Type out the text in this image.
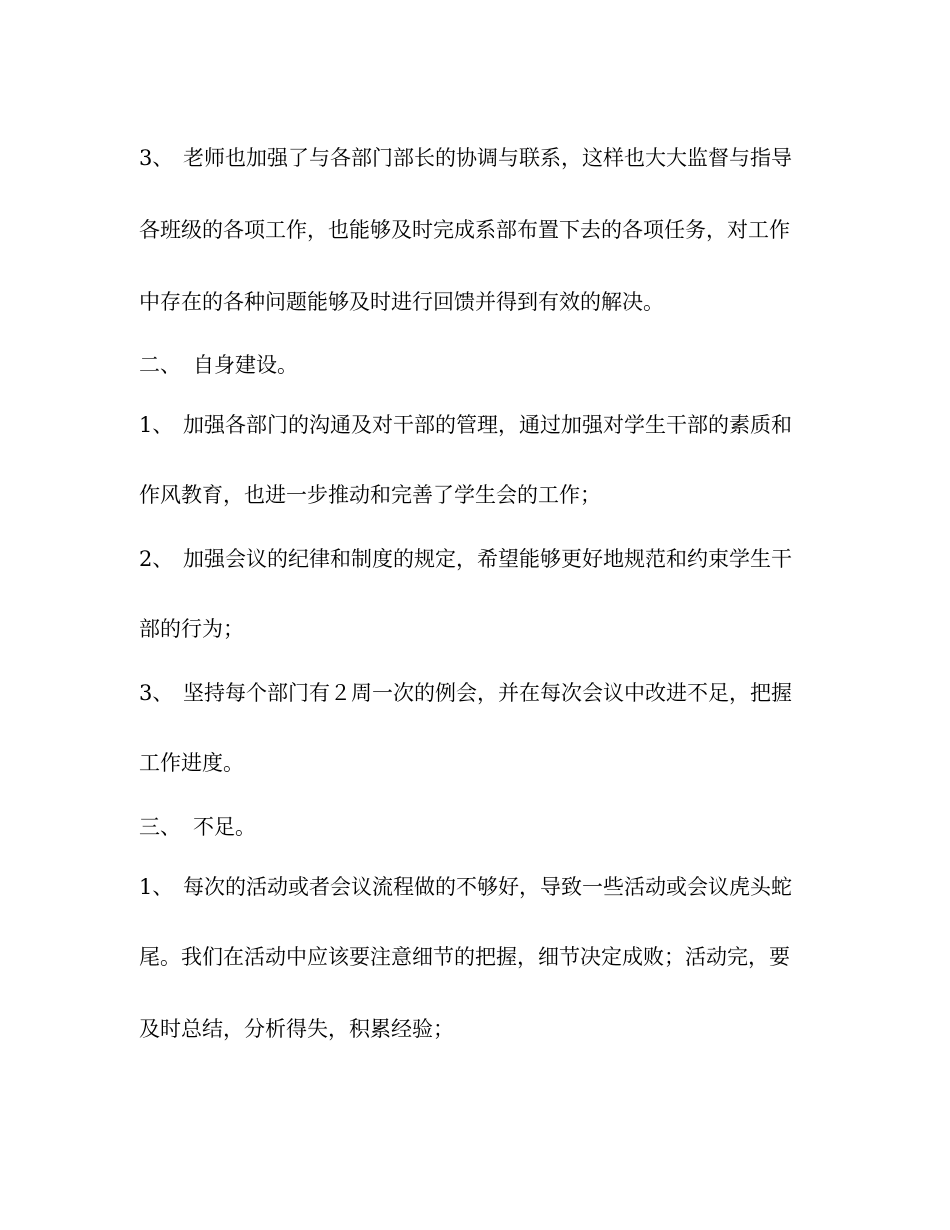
3、 老师也加强了与各部门部长的协调与联系，这样也大大监督与指导
各班级的各项工作，也能够及时完成系部布置下去的各项任务，对工作
中存在的各种问题能够及时进行回馈并得到有效的解决。
二、 自身建设。
1、 加强各部门的沟通及对干部的管理，通过加强对学生干部的素质和
作风教育，也进一步推动和完善了学生会的工作；
2、 加强会议的纪律和制度的规定，希望能够更好地规范和约束学生干
部的行为；
3、 坚持每个部门有２周一次的例会，并在每次会议中改进不足，把握
工作进度。
三、 不足。
1、 每次的活动或者会议流程做的不够好，导致一些活动或会议虎头蛇
尾。我们在活动中应该要注意细节的把握，细节决定成败；活动完，要
及时总结，分析得失，积累经验；
